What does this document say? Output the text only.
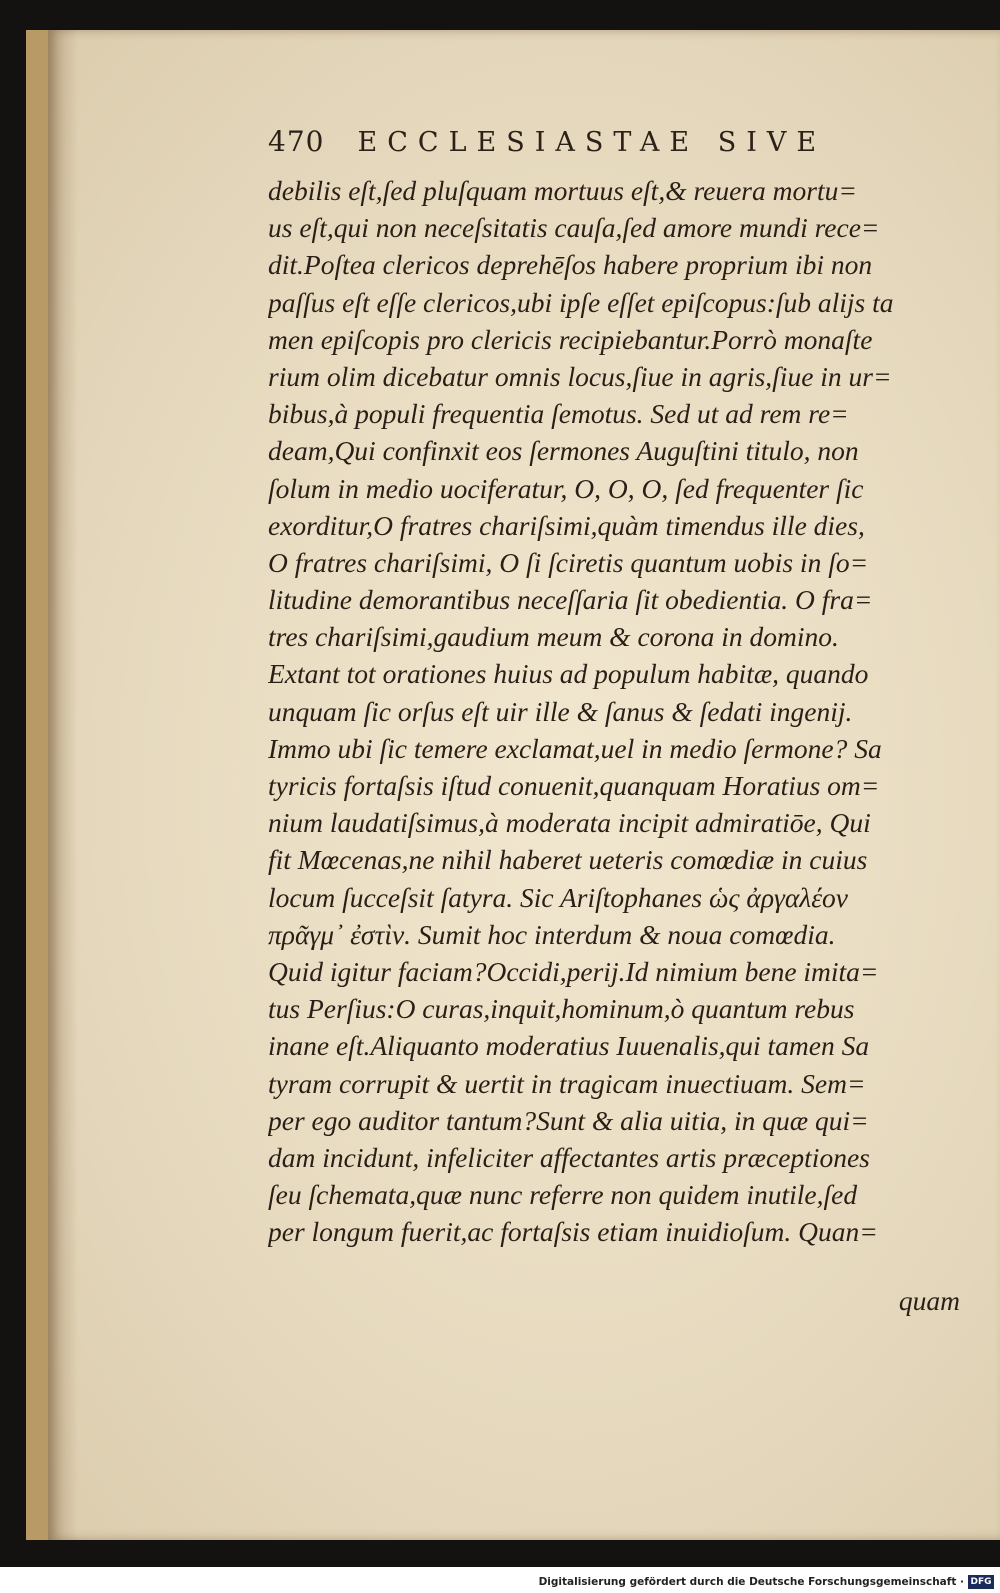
470 ECCLESIASTAE SIVE
debilis eſt,ſed pluſquam mortuus eſt,& reuera mortu=
us eſt,qui non neceſsitatis cauſa,ſed amore mundi rece=
dit.Poſtea clericos deprehēſos habere proprium ibi non
paſſus eſt eſſe clericos,ubi ipſe eſſet epiſcopus:ſub alijs ta
men epiſcopis pro clericis recipiebantur.Porrò monaſte
rium olim dicebatur omnis locus,ſiue in agris,ſiue in ur=
bibus,à populi frequentia ſemotus. Sed ut ad rem re=
deam,Qui confinxit eos ſermones Auguſtini titulo, non
ſolum in medio uociferatur, O, O, O, ſed frequenter ſic
exorditur,O fratres chariſsimi,quàm timendus ille dies,
O fratres chariſsimi, O ſi ſciretis quantum uobis in ſo=
litudine demorantibus neceſſaria ſit obedientia. O fra=
tres chariſsimi,gaudium meum & corona in domino.
Extant tot orationes huius ad populum habitæ, quando
unquam ſic orſus eſt uir ille & ſanus & ſedati ingenij.
Immo ubi ſic temere exclamat,uel in medio ſermone? Sa
tyricis fortaſsis iſtud conuenit,quanquam Horatius om=
nium laudatiſsimus,à moderata incipit admiratiōe, Qui
fit Mœcenas,ne nihil haberet ueteris comœdiæ in cuius
locum ſucceſsit ſatyra. Sic Ariſtophanes ὡς ἀργαλέον
πρᾶγμ᾽ ἐστὶν. Sumit hoc interdum & noua comœdia.
Quid igitur faciam?Occidi,perij.Id nimium bene imita=
tus Perſius:O curas,inquit,hominum,ò quantum rebus
inane eſt.Aliquanto moderatius Iuuenalis,qui tamen Sa
tyram corrupit & uertit in tragicam inuectiuam. Sem=
per ego auditor tantum?Sunt & alia uitia, in quæ qui=
dam incidunt, infeliciter affectantes artis præceptiones
ſeu ſchemata,quæ nunc referre non quidem inutile,ſed
per longum fuerit,ac fortaſsis etiam inuidioſum. Quan=
quam
Digitalisierung gefördert durch die Deutsche Forschungsgemeinschaft · DFG
